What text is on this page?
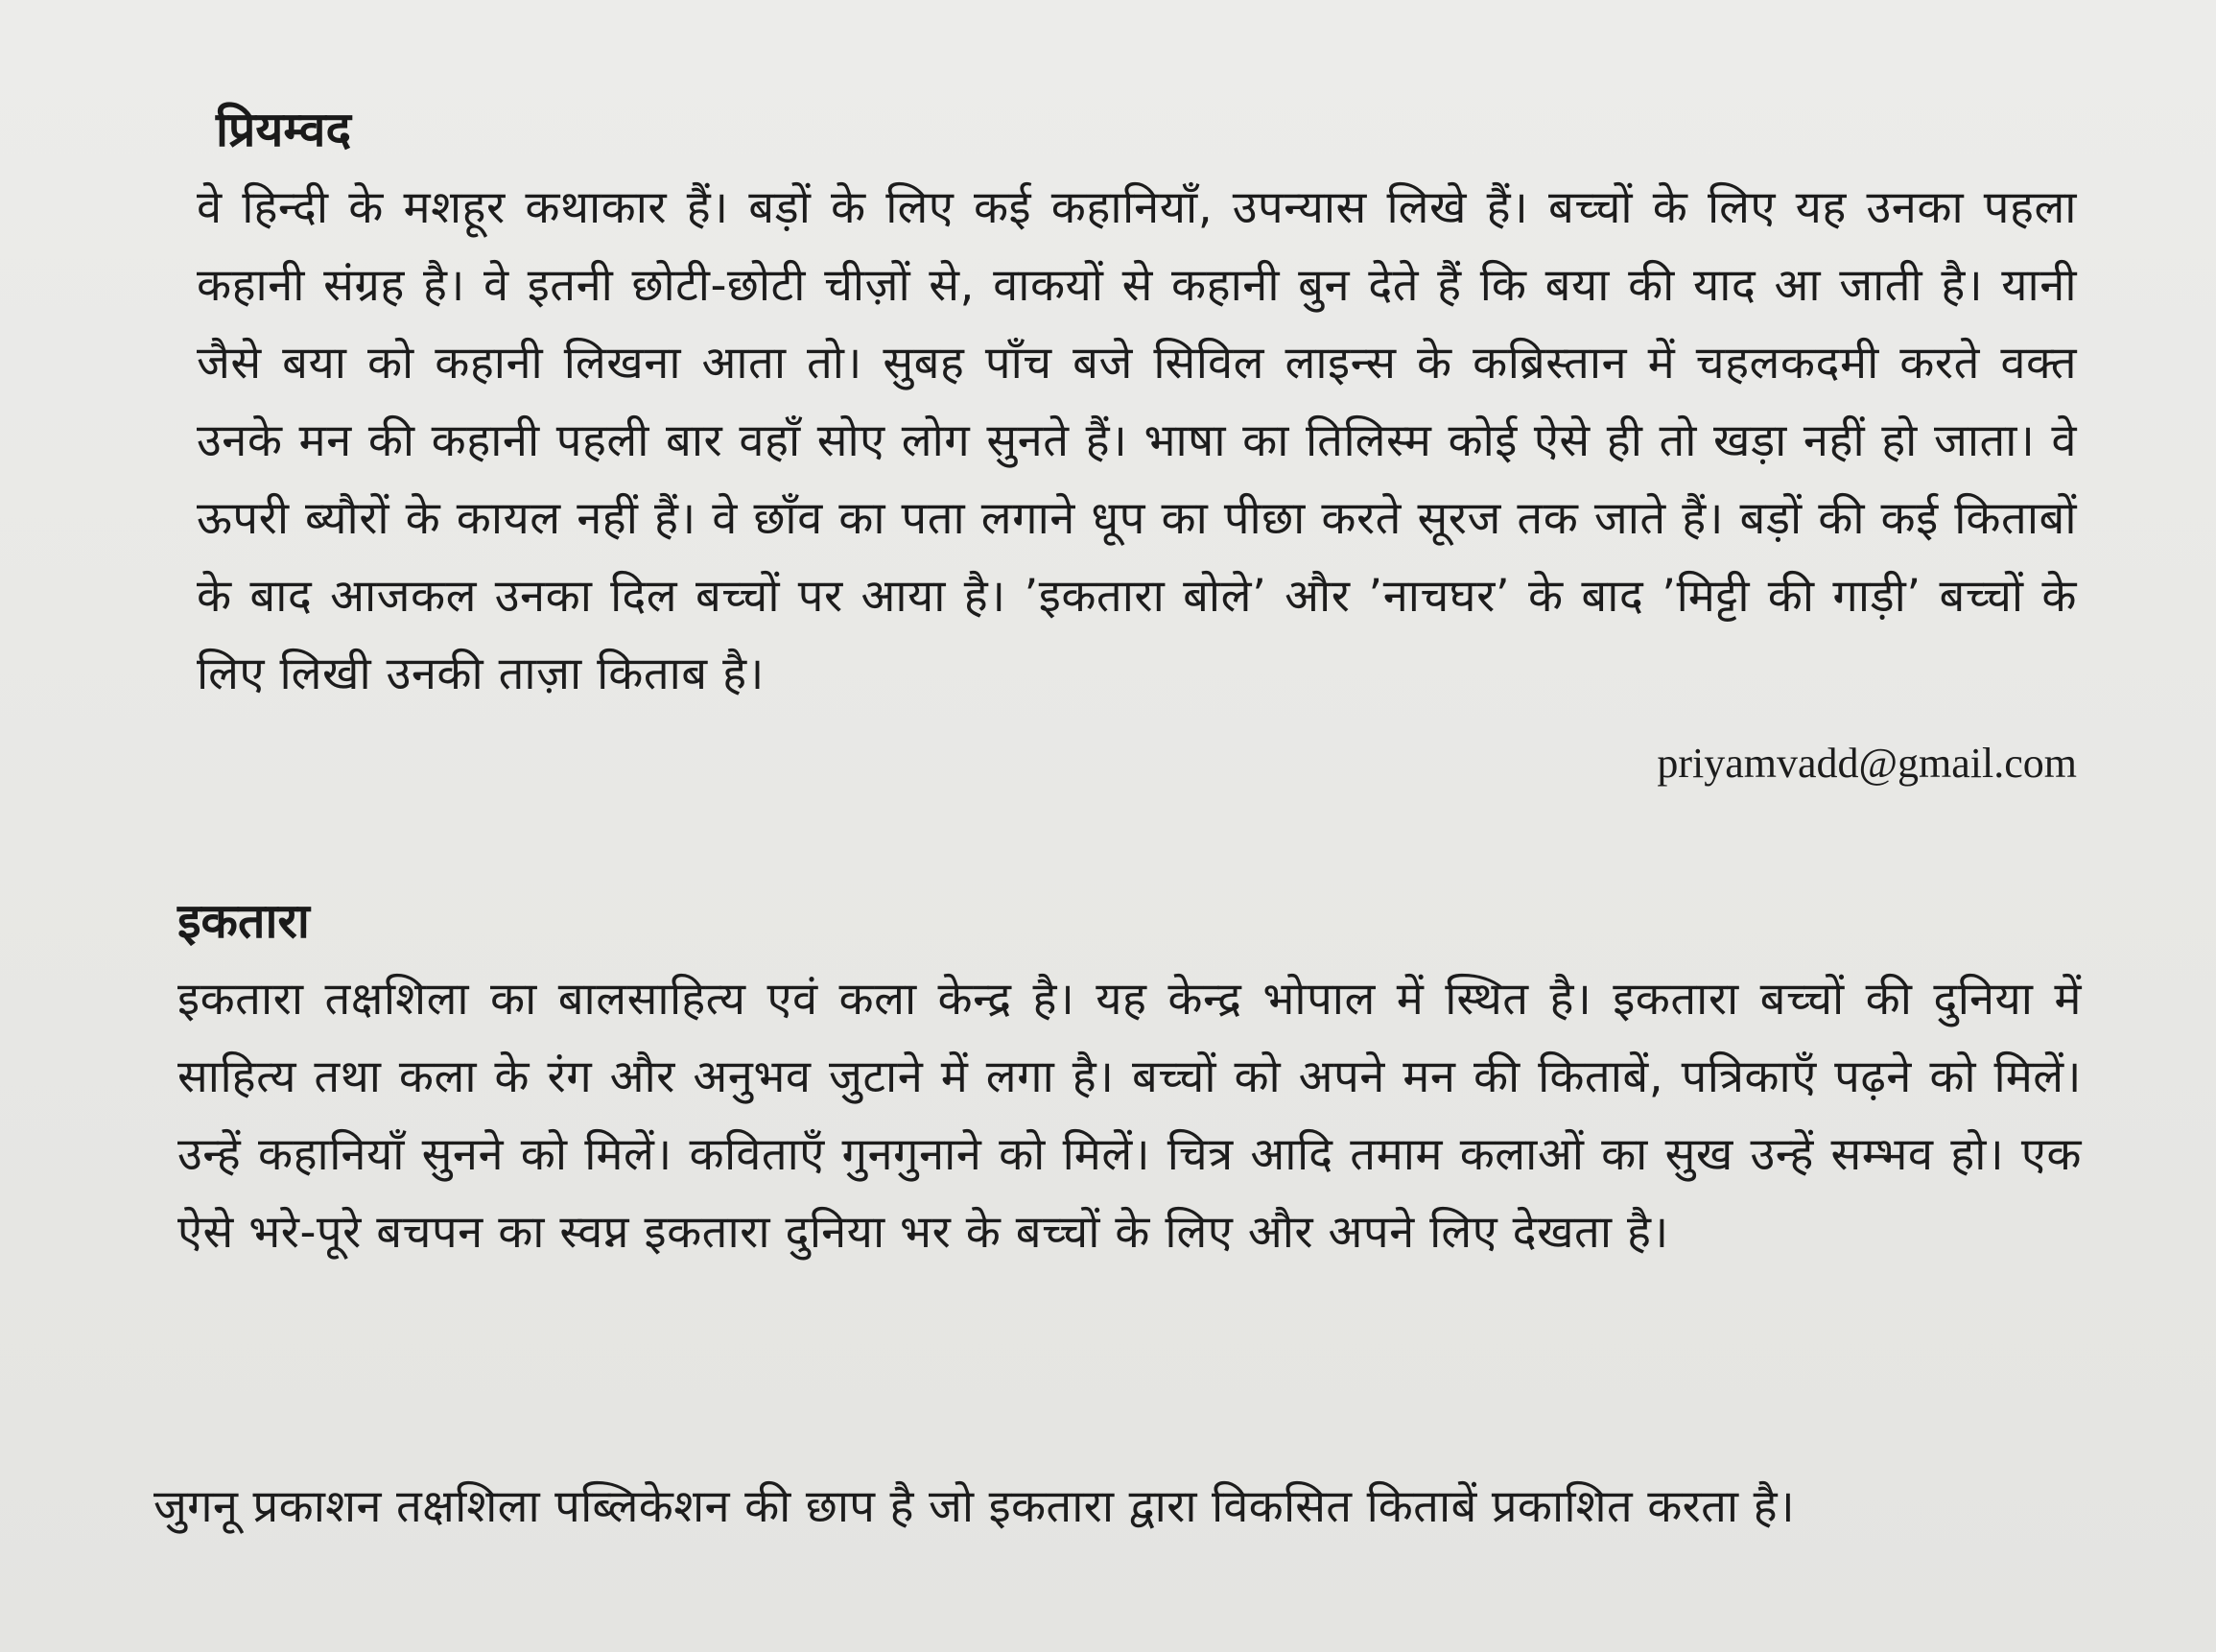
प्रियम्वद

वे हिन्दी के मशहूर कथाकार हैं। बड़ों के लिए कई कहानियाँ, उपन्यास लिखे हैं। बच्चों के लिए यह उनका पहला कहानी संग्रह है। वे इतनी छोटी-छोटी चीज़ों से, वाकयों से कहानी बुन देते हैं कि बया की याद आ जाती है। यानी जैसे बया को कहानी लिखना आता तो। सुबह पाँच बजे सिविल लाइन्स के कब्रिस्तान में चहलकदमी करते वक्त उनके मन की कहानी पहली बार वहाँ सोए लोग सुनते हैं। भाषा का तिलिस्म कोई ऐसे ही तो खड़ा नहीं हो जाता। वे ऊपरी ब्यौरों के कायल नहीं हैं। वे छाँव का पता लगाने धूप का पीछा करते सूरज तक जाते हैं। बड़ों की कई किताबों के बाद आजकल उनका दिल बच्चों पर आया है। ’इकतारा बोले’ और ’नाचघर’ के बाद ’मिट्टी की गाड़ी’ बच्चों के लिए लिखी उनकी ताज़ा किताब है।

priyamvadd@gmail.com
इकतारा

इकतारा तक्षशिला का बालसाहित्य एवं कला केन्द्र है। यह केन्द्र भोपाल में स्थित है। इकतारा बच्चों की दुनिया में साहित्य तथा कला के रंग और अनुभव जुटाने में लगा है। बच्चों को अपने मन की किताबें, पत्रिकाएँ पढ़ने को मिलें। उन्हें कहानियाँ सुनने को मिलें। कविताएँ गुनगुनाने को मिलें। चित्र आदि तमाम कलाओं का सुख उन्हें सम्भव हो। एक ऐसे भरे-पूरे बचपन का स्वप्न इकतारा दुनिया भर के बच्चों के लिए और अपने लिए देखता है।

जुगनू प्रकाशन तक्षशिला पब्लिकेशन की छाप है जो इकतारा द्वारा विकसित किताबें प्रकाशित करता है।
